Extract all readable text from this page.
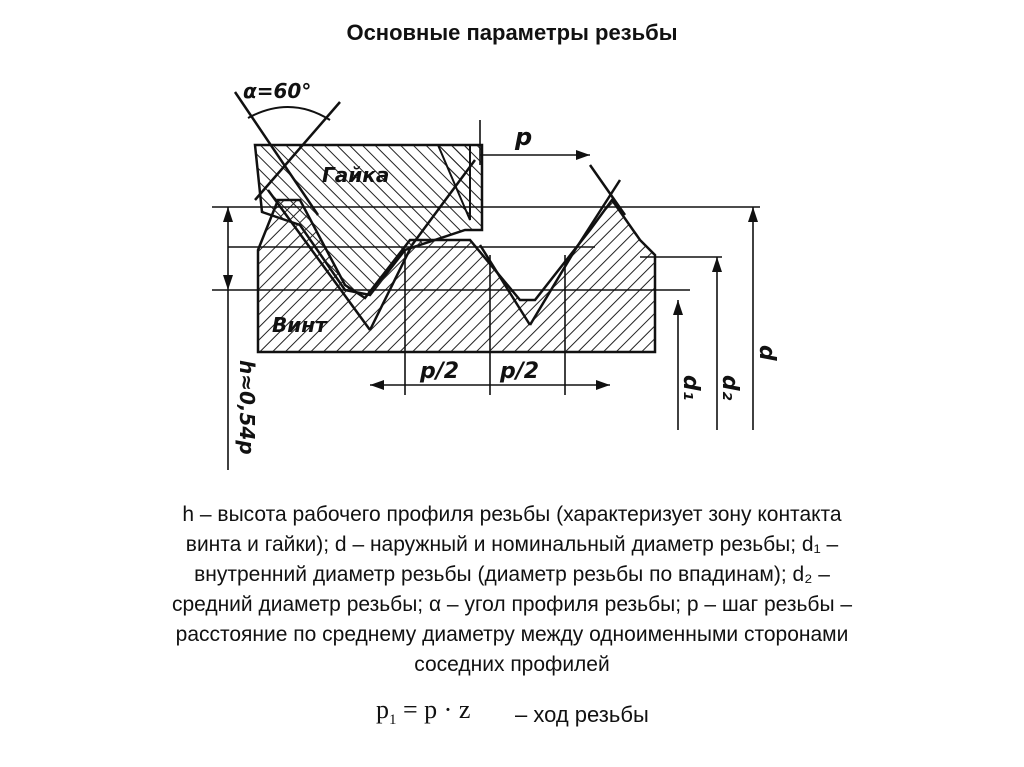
Основные параметры резьбы
α=60°
Гайка
Винт
p
p/2 p/2
h≈0,54p	d₁ d₂
d
h – высота рабочего профиля резьбы (характеризует зону контакта
винта и гайки); d – наружный и номинальный диаметр резьбы; d₁ –
внутренний диаметр резьбы (диаметр резьбы по впадинам); d₂ –
средний диаметр резьбы; α – угол профиля резьбы; p – шаг резьбы –
расстояние по среднему диаметру между одноименными сторонами
соседних профилей
$p_1 = p \cdot z$ – ход резьбы
